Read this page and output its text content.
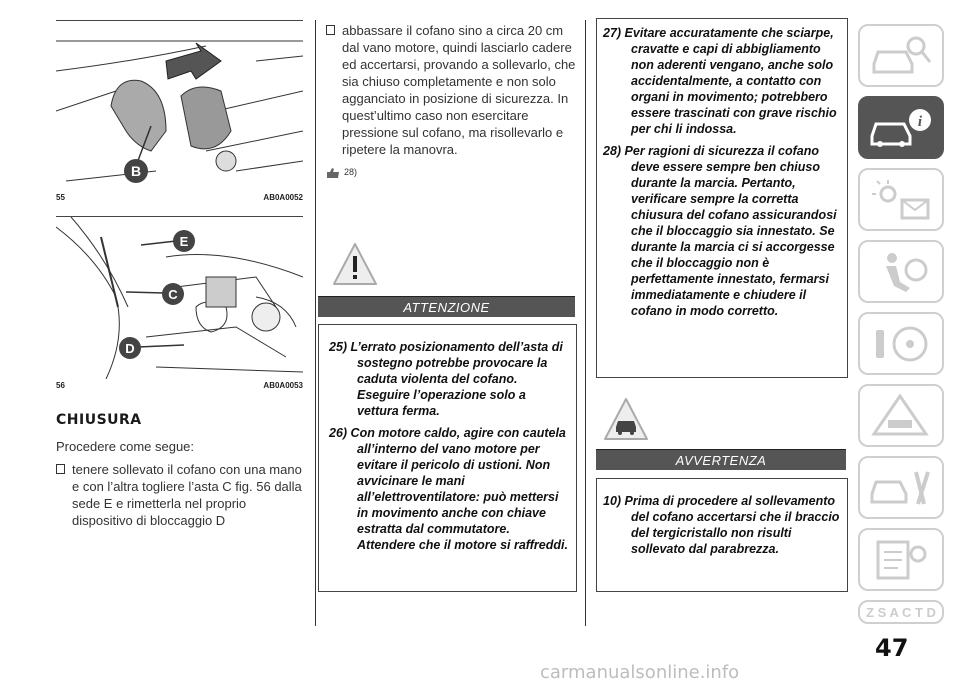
B
55	AB0A0052
E
C
D
56	AB0A0053
CHIUSURA
Procedere come segue:
tenere sollevato il cofano con una mano e con l’altra togliere l’asta C fig. 56 dalla sede E e rimetterla nel proprio dispositivo di bloccaggio D
abbassare il cofano sino a circa 20 cm dal vano motore, quindi lasciarlo cadere ed accertarsi, provando a sollevarlo, che sia chiuso completamente e non solo agganciato in posizione di sicurezza. In quest’ultimo caso non esercitare pressione sul cofano, ma risollevarlo e ripetere la manovra.
28)
ATTENZIONE
25) L’errato posizionamento dell’asta di sostegno potrebbe provocare la caduta violenta del cofano. Eseguire l’operazione solo a vettura ferma.
26) Con motore caldo, agire con cautela all’interno del vano motore per evitare il pericolo di ustioni. Non avvicinare le mani all’elettroventilatore: può mettersi in movimento anche con chiave estratta dal commutatore. Attendere che il motore si raffreddi.
27) Evitare accuratamente che sciarpe, cravatte e capi di abbigliamento non aderenti vengano, anche solo accidentalmente, a contatto con organi in movimento; potrebbero essere trascinati con grave rischio per chi li indossa.
28) Per ragioni di sicurezza il cofano deve essere sempre ben chiuso durante la marcia. Pertanto, verificare sempre la corretta chiusura del cofano assicurandosi che il bloccaggio sia innestato. Se durante la marcia ci si accorgesse che il bloccaggio non è perfettamente innestato, fermarsi immediatamente e chiudere il cofano in modo corretto.
AVVERTENZA
10) Prima di procedere al sollevamento del cofano accertarsi che il braccio del tergicristallo non risulti sollevato dal parabrezza.
i
Z S A C T D
47
carmanualsonline.info
